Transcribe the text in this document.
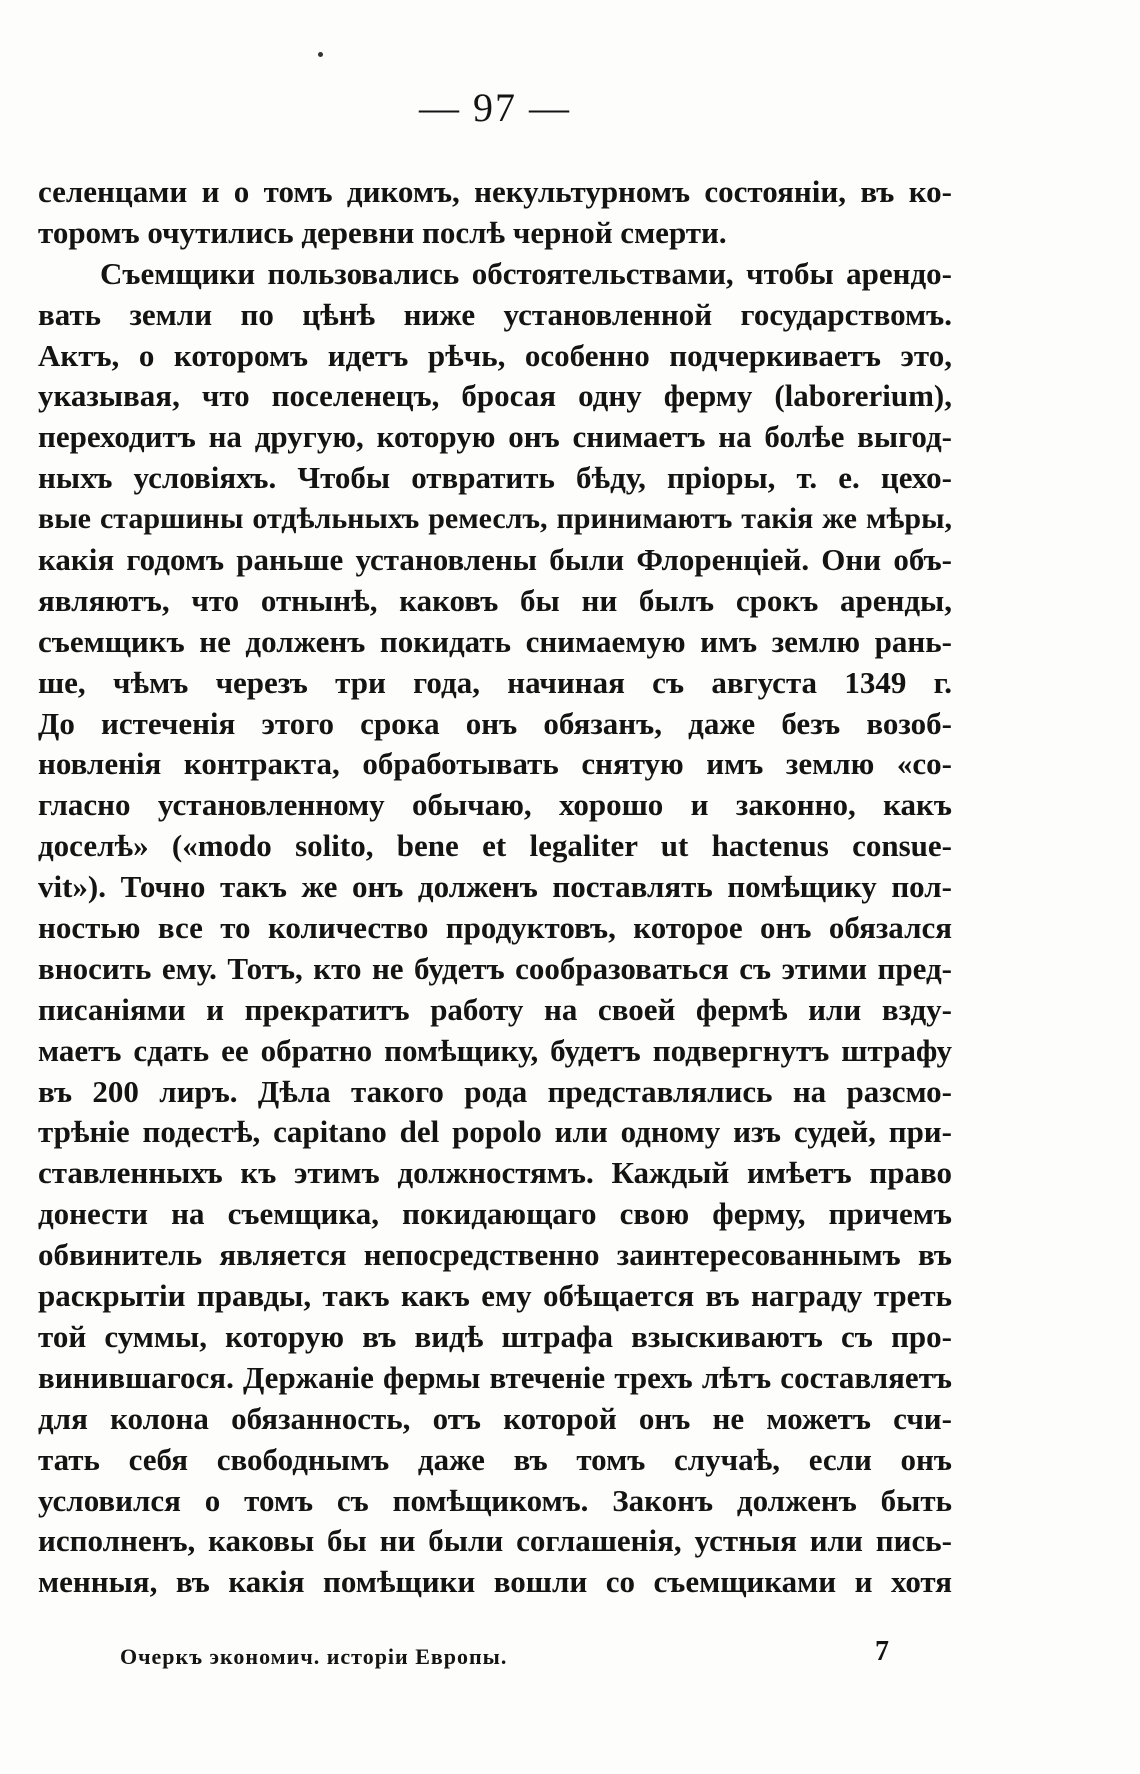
— 97 —
селенцами и о томъ дикомъ, некультурномъ состояніи, въ ко-
торомъ очутились деревни послѣ черной смерти.
Съемщики пользовались обстоятельствами, чтобы арендо-
вать земли по цѣнѣ ниже установленной государствомъ.
Актъ, о которомъ идетъ рѣчь, особенно подчеркиваетъ это,
указывая, что поселенецъ, бросая одну ферму (laborerium),
переходитъ на другую, которую онъ снимаетъ на болѣе выгод-
ныхъ условіяхъ. Чтобы отвратить бѣду, пріоры, т. е. цехо-
вые старшины отдѣльныхъ ремеслъ, принимаютъ такія же мѣры,
какія годомъ раньше установлены были Флоренціей. Они объ-
являютъ, что отнынѣ, каковъ бы ни былъ срокъ аренды,
съемщикъ не долженъ покидать снимаемую имъ землю рань-
ше, чѣмъ черезъ три года, начиная съ августа 1349 г.
До истеченія этого срока онъ обязанъ, даже безъ возоб-
новленія контракта, обработывать снятую имъ землю «со-
гласно установленному обычаю, хорошо и законно, какъ
доселѣ» («modo solito, bene et legaliter ut hactenus consue-
vit»). Точно такъ же онъ долженъ поставлять помѣщику пол-
ностью все то количество продуктовъ, которое онъ обязался
вносить ему. Тотъ, кто не будетъ сообразоваться съ этими пред-
писаніями и прекратитъ работу на своей фермѣ или взду-
маетъ сдать ее обратно помѣщику, будетъ подвергнутъ штрафу
въ 200 лиръ. Дѣла такого рода представлялись на разсмо-
трѣніе подестѣ, capitano del popolo или одному изъ судей, при-
ставленныхъ къ этимъ должностямъ. Каждый имѣетъ право
донести на съемщика, покидающаго свою ферму, причемъ
обвинитель является непосредственно заинтересованнымъ въ
раскрытіи правды, такъ какъ ему обѣщается въ награду треть
той суммы, которую въ видѣ штрафа взыскиваютъ съ про-
винившагося. Держаніе фермы втеченіе трехъ лѣтъ составляетъ
для колона обязанность, отъ которой онъ не можетъ счи-
тать себя свободнымъ даже въ томъ случаѣ, если онъ
условился о томъ съ помѣщикомъ. Законъ долженъ быть
исполненъ, каковы бы ни были соглашенія, устныя или пись-
менныя, въ какія помѣщики вошли со съемщиками и хотя
Очеркъ экономич. исторіи Европы.	7
